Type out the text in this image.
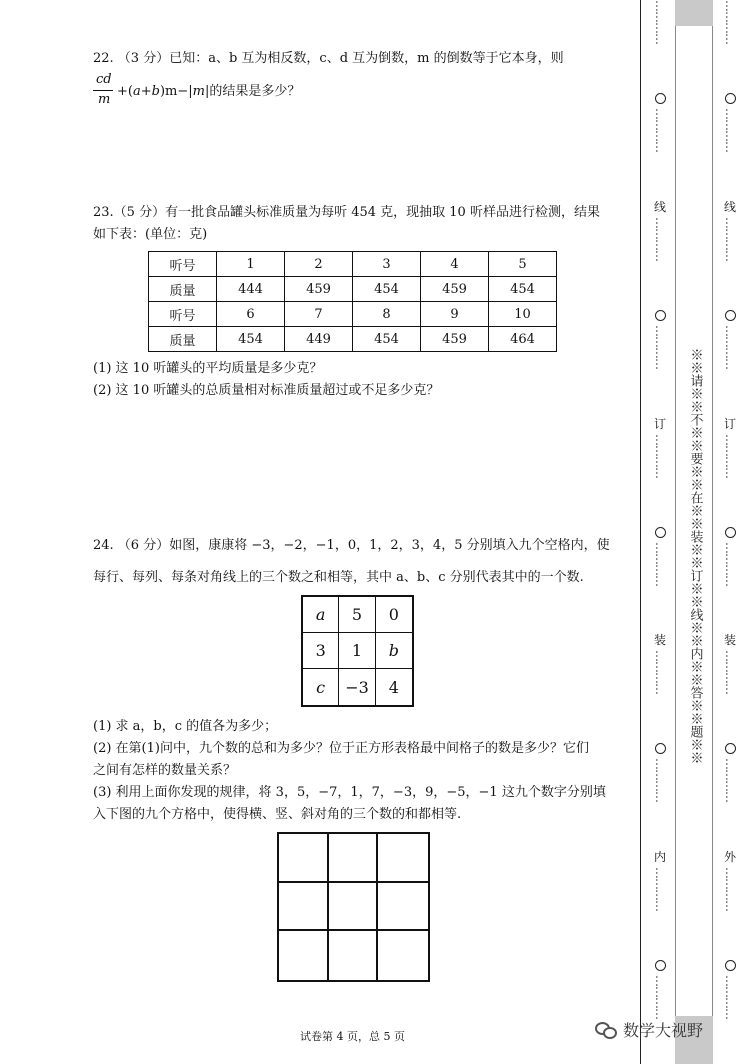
22. （3 分）已知：a、b 互为相反数，c、d 互为倒数，m 的倒数等于它本身，则

cd
m
+(a+b)m−|m|的结果是多少？

23.（5 分）有一批食品罐头标准质量为每听 454 克，现抽取 10 听样品进行检测，结果

如下表：(单位：克)

听号	1	2	3	4	5
质量	444	459	454	459	454
听号	6	7	8	9	10
质量	454	449	454	459	464

(1) 这 10 听罐头的平均质量是多少克？

(2) 这 10 听罐头的总质量相对标准质量超过或不足多少克？

24. （6 分）如图，康康将 −3，−2，−1，0，1，2，3，4，5 分别填入九个空格内，使

每行、每列、每条对角线上的三个数之和相等，其中 a、b、c 分别代表其中的一个数.

a	5	0
3	1	b
c	−3	4

(1) 求 a，b，c 的值各为多少；

(2) 在第(1)问中，九个数的总和为多少？位于正方形表格最中间格子的数是多少？它们

之间有怎样的数量关系？

(3) 利用上面你发现的规律，将 3，5，−7，1，7，−3，9，−5，−1 这九个数字分别填

入下图的九个方格中，使得横、竖、斜对角的三个数的和都相等.

试卷第 4 页，总 5 页
…………
…………
线
…………
…………
订
…………
…………
装
…………
…………
内
…………
…………
※※请※※不※※要※※在※※装※※订※※线※※内※※答※※题※※
…………
…………
线
…………
…………
订
…………
…………
装
…………
…………
外
…………
…………
数学大视野
